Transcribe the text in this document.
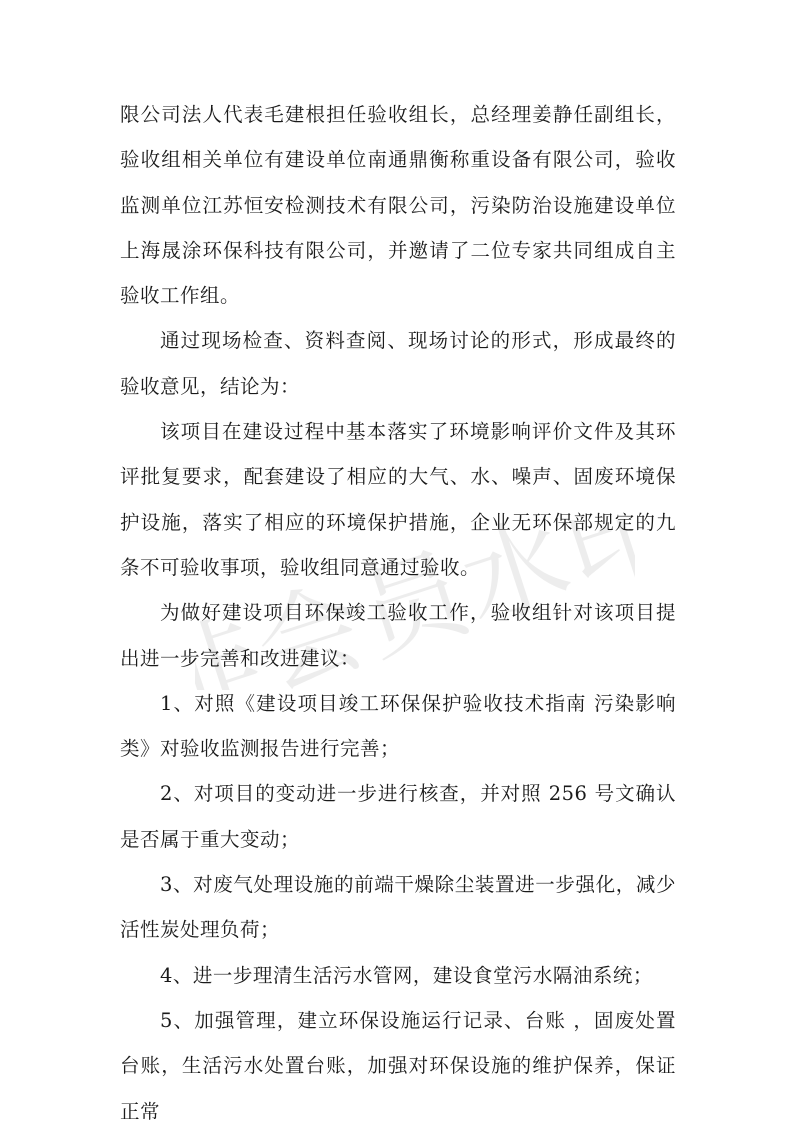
限公司法人代表毛建根担任验收组长，总经理姜静任副组长，验收组相关单位有建设单位南通鼎衡称重设备有限公司，验收监测单位江苏恒安检测技术有限公司，污染防治设施建设单位上海晟涂环保科技有限公司，并邀请了二位专家共同组成自主验收工作组。

通过现场检查、资料查阅、现场讨论的形式，形成最终的验收意见，结论为：

该项目在建设过程中基本落实了环境影响评价文件及其环评批复要求，配套建设了相应的大气、水、噪声、固废环境保护设施，落实了相应的环境保护措施，企业无环保部规定的九条不可验收事项，验收组同意通过验收。

为做好建设项目环保竣工验收工作，验收组针对该项目提出进一步完善和改进建议：

1、对照《建设项目竣工环保保护验收技术指南 污染影响类》对验收监测报告进行完善；

2、对项目的变动进一步进行核查，并对照 256 号文确认是否属于重大变动；

3、对废气处理设施的前端干燥除尘装置进一步强化，减少活性炭处理负荷；

4、进一步理清生活污水管网，建设食堂污水隔油系统；

5、加强管理，建立环保设施运行记录、台账 ，固废处置台账，生活污水处置台账，加强对环保设施的维护保养，保证正常

非会员水印
